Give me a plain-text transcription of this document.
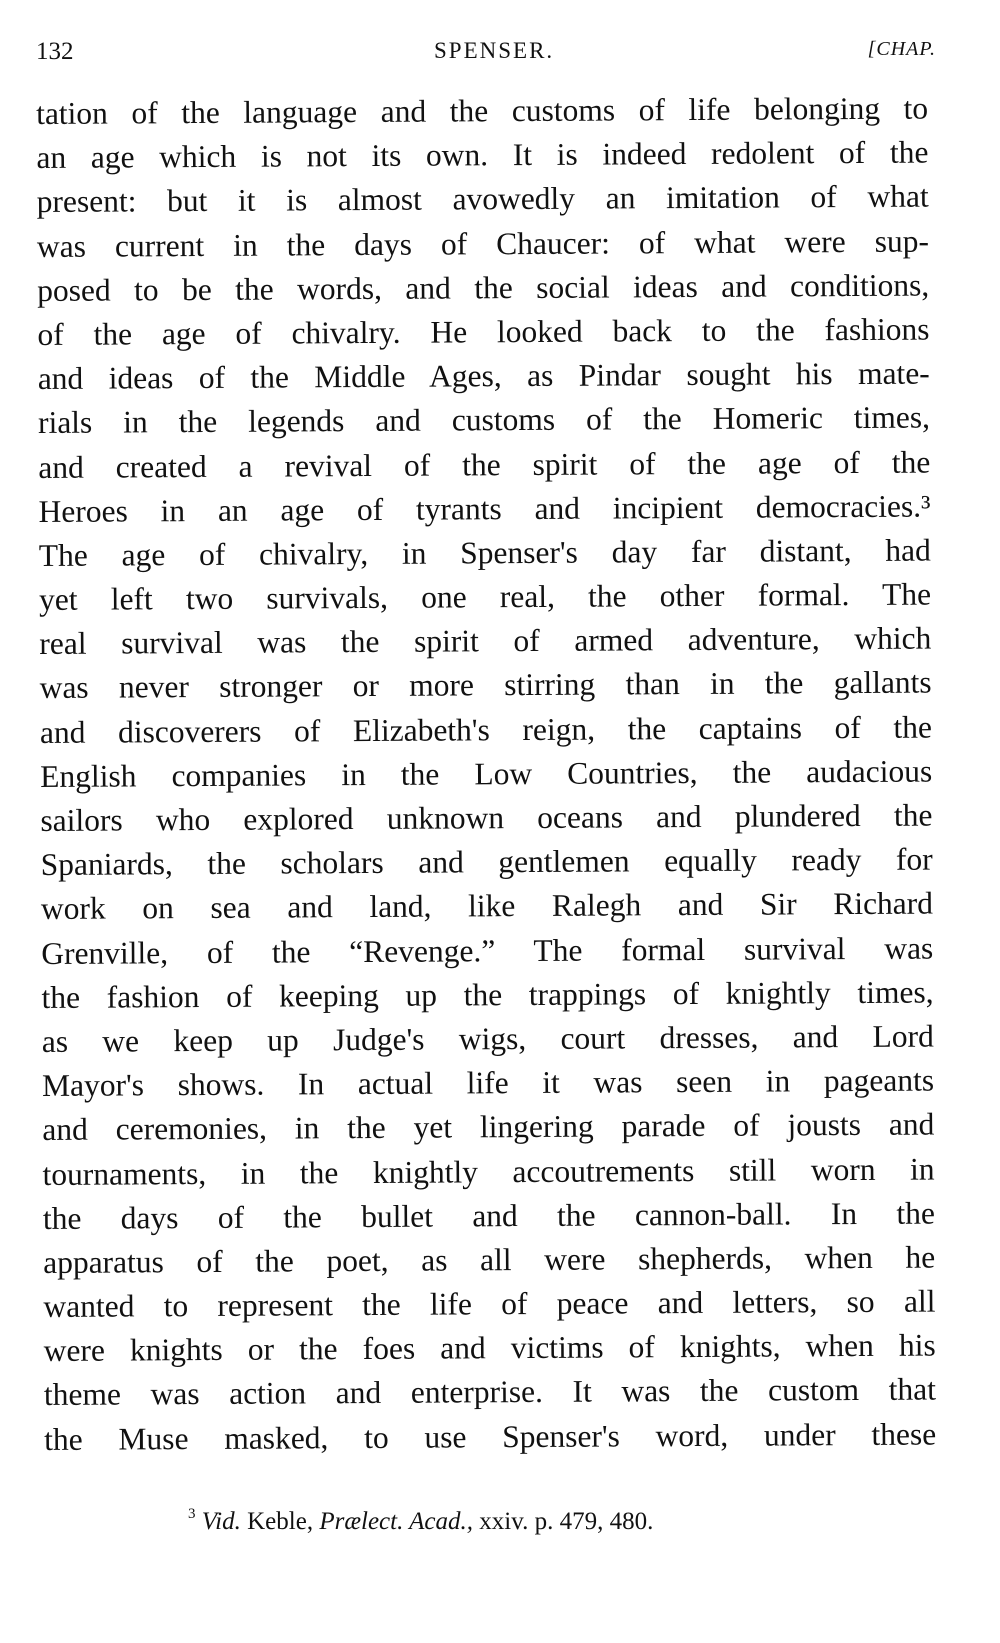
132	SPENSER.	[CHAP.
tation of the language and the customs of life belonging to
an age which is not its own. It is indeed redolent of the
present: but it is almost avowedly an imitation of what
was current in the days of Chaucer: of what were sup-
posed to be the words, and the social ideas and conditions,
of the age of chivalry. He looked back to the fashions
and ideas of the Middle Ages, as Pindar sought his mate-
rials in the legends and customs of the Homeric times,
and created a revival of the spirit of the age of the
Heroes in an age of tyrants and incipient democracies.³
The age of chivalry, in Spenser's day far distant, had
yet left two survivals, one real, the other formal. The
real survival was the spirit of armed adventure, which
was never stronger or more stirring than in the gallants
and discoverers of Elizabeth's reign, the captains of the
English companies in the Low Countries, the audacious
sailors who explored unknown oceans and plundered the
Spaniards, the scholars and gentlemen equally ready for
work on sea and land, like Ralegh and Sir Richard
Grenville, of the “Revenge.” The formal survival was
the fashion of keeping up the trappings of knightly times,
as we keep up Judge's wigs, court dresses, and Lord
Mayor's shows. In actual life it was seen in pageants
and ceremonies, in the yet lingering parade of jousts and
tournaments, in the knightly accoutrements still worn in
the days of the bullet and the cannon-ball. In the
apparatus of the poet, as all were shepherds, when he
wanted to represent the life of peace and letters, so all
were knights or the foes and victims of knights, when his
theme was action and enterprise. It was the custom that
the Muse masked, to use Spenser's word, under these
$^3$ Vid. Keble, Prælect. Acad., xxiv. p. 479, 480.
